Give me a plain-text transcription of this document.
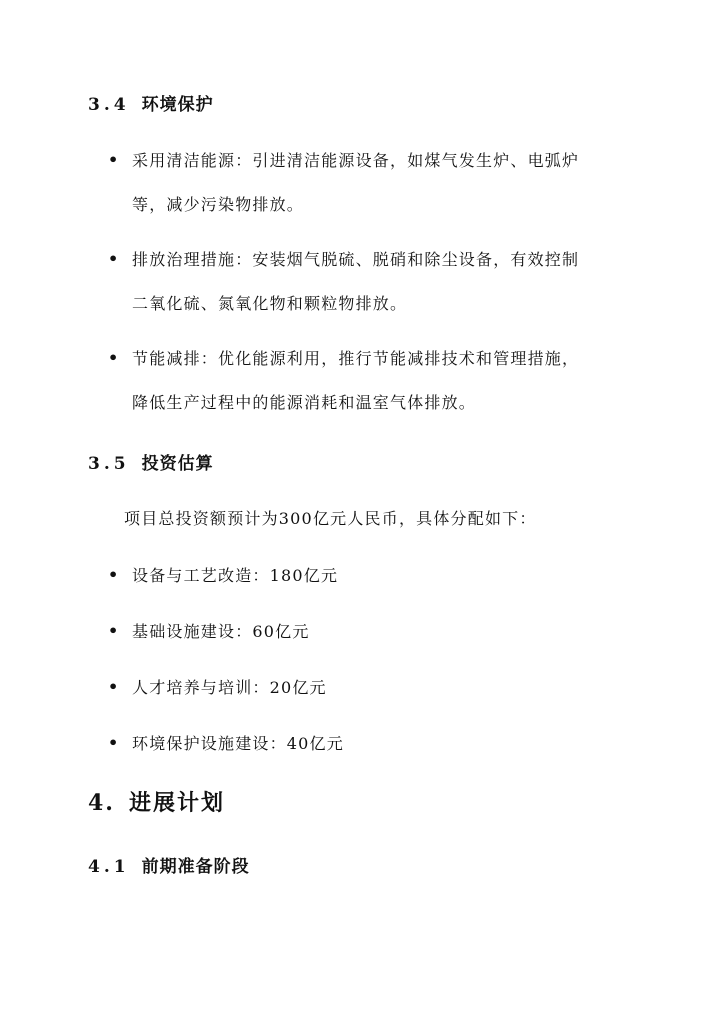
3.4 环境保护
• 采用清洁能源：引进清洁能源设备，如煤气发生炉、电弧炉
等，减少污染物排放。
• 排放治理措施：安装烟气脱硫、脱硝和除尘设备，有效控制
二氧化硫、氮氧化物和颗粒物排放。
• 节能减排：优化能源利用，推行节能减排技术和管理措施，
降低生产过程中的能源消耗和温室气体排放。
3.5 投资估算
项目总投资额预计为300亿元人民币，具体分配如下：
• 设备与工艺改造：180亿元
• 基础设施建设：60亿元
• 人才培养与培训：20亿元
• 环境保护设施建设：40亿元
4. 进展计划
4.1 前期准备阶段
